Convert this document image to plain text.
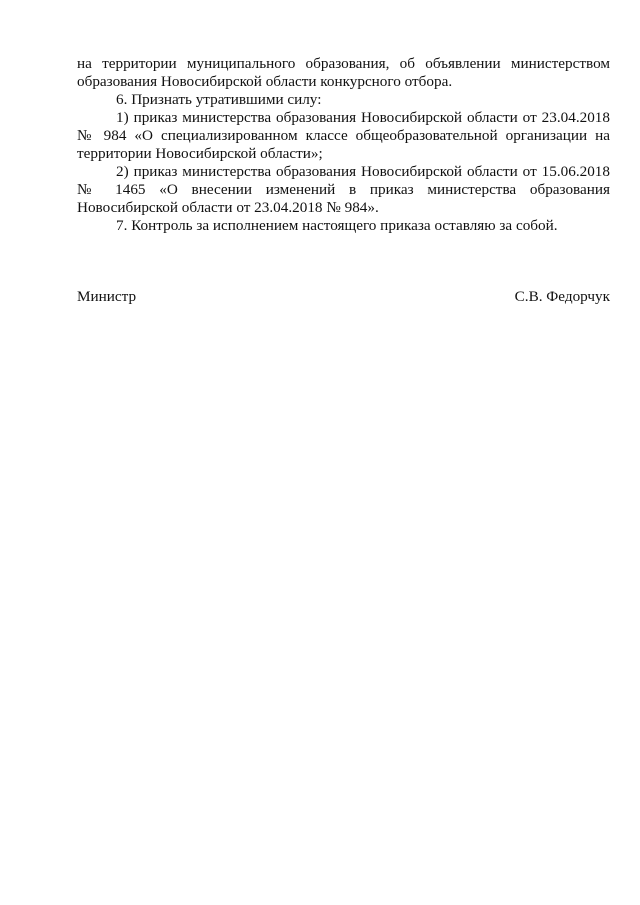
на территории муниципального образования, об объявлении министерством образования Новосибирской области конкурсного отбора.

6. Признать утратившими силу:

1) приказ министерства образования Новосибирской области от 23.04.2018 № 984 «О специализированном классе общеобразовательной организации на территории Новосибирской области»;

2) приказ министерства образования Новосибирской области от 15.06.2018 № 1465 «О внесении изменений в приказ министерства образования Новосибирской области от 23.04.2018 № 984».

7. Контроль за исполнением настоящего приказа оставляю за собой.

Министр	С.В. Федорчук
